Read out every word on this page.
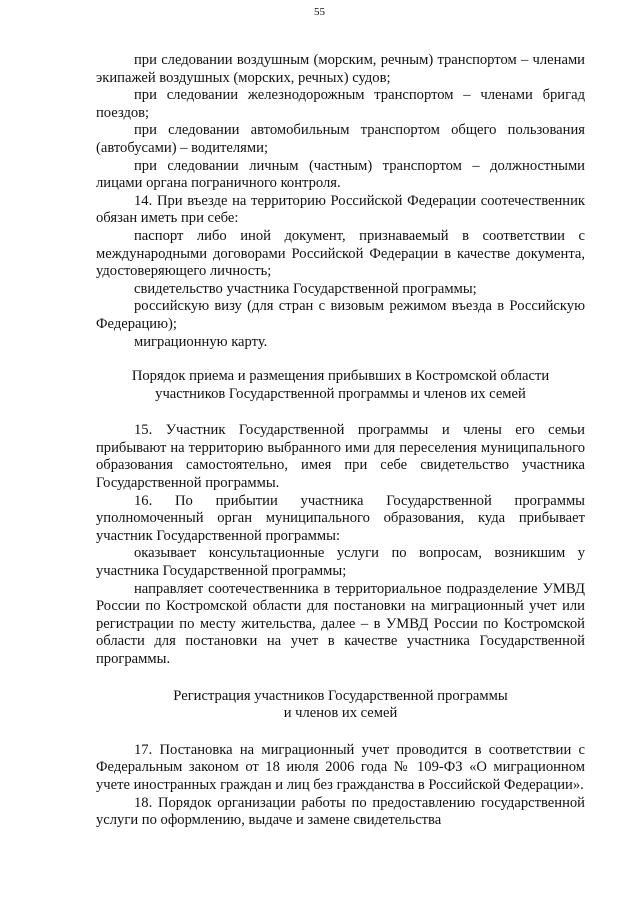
55

при следовании воздушным (морским, речным) транспортом – членами экипажей воздушных (морских, речных) судов;

при следовании железнодорожным транспортом – членами бригад поездов;

при следовании автомобильным транспортом общего пользования (автобусами) – водителями;

при следовании личным (частным) транспортом – должностными лицами органа пограничного контроля.

14. При въезде на территорию Российской Федерации соотечественник обязан иметь при себе:

паспорт либо иной документ, признаваемый в соответствии с международными договорами Российской Федерации в качестве документа, удостоверяющего личность;

свидетельство участника Государственной программы;

российскую визу (для стран с визовым режимом въезда в Российскую Федерацию);

миграционную карту.

Порядок приема и размещения прибывших в Костромской области
участников Государственной программы и членов их семей

15. Участник Государственной программы и члены его семьи прибывают на территорию выбранного ими для переселения муниципального образования самостоятельно, имея при себе свидетельство участника Государственной программы.

16. По прибытии участника Государственной программы уполномоченный орган муниципального образования, куда прибывает участник Государственной программы:

оказывает консультационные услуги по вопросам, возникшим у участника Государственной программы;

направляет соотечественника в территориальное подразделение УМВД России по Костромской области для постановки на миграционный учет или регистрации по месту жительства, далее – в УМВД России по Костромской области для постановки на учет в качестве участника Государственной программы.

Регистрация участников Государственной программы
и членов их семей

17. Постановка на миграционный учет проводится в соответствии с Федеральным законом от 18 июля 2006 года № 109-ФЗ «О миграционном учете иностранных граждан и лиц без гражданства в Российской Федерации».

18. Порядок организации работы по предоставлению государственной услуги по оформлению, выдаче и замене свидетельства
